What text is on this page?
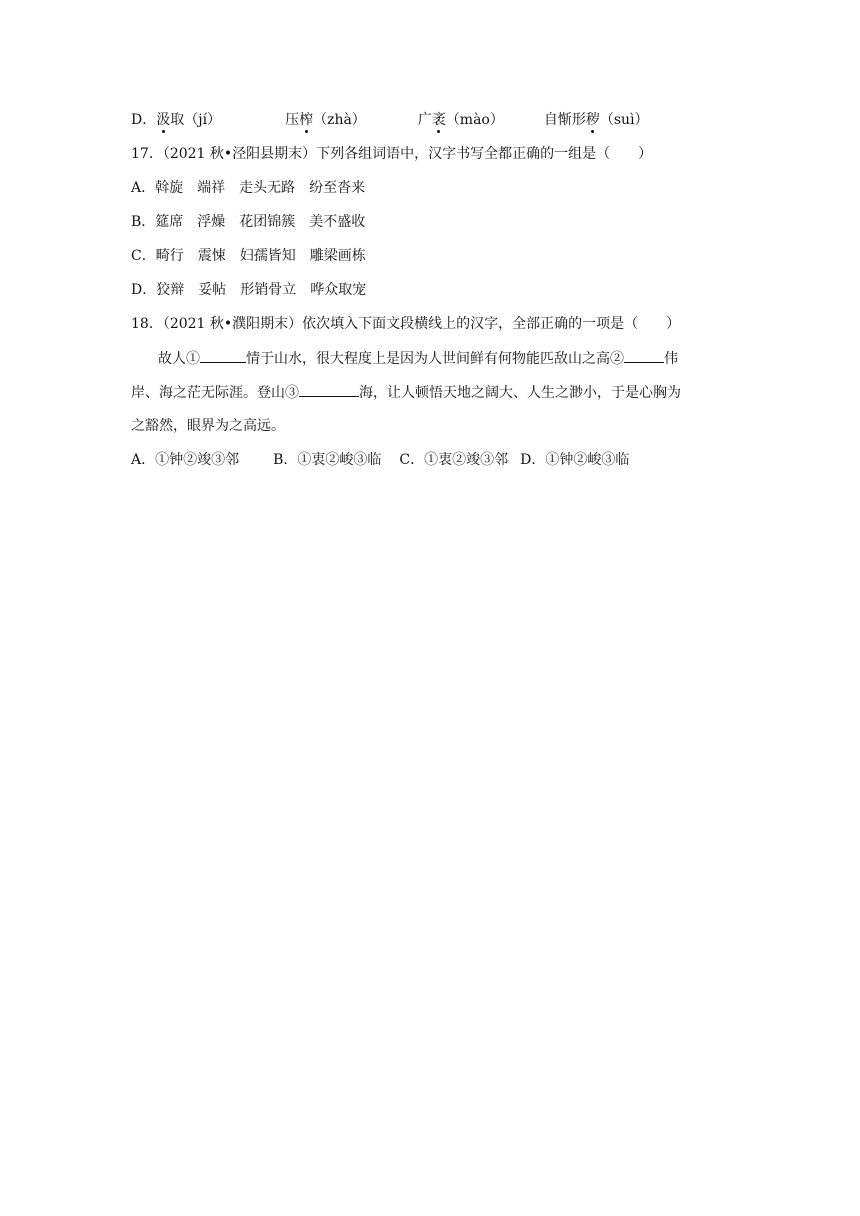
D．汲取（jí）	压榨（zhà）	广袤（mào）	自惭形秽（suì）
17．（2021 秋•泾阳县期末）下列各组词语中，汉字书写全都正确的一组是（　　）
A．斡旋 端祥 走头无路 纷至沓来
B．筵席 浮燥 花团锦簇 美不盛收
C．畸行 震悚 妇孺皆知 雕梁画栋
D．狡辩 妥帖 形销骨立 哗众取宠
18．（2021 秋•濮阳期末）依次填入下面文段横线上的汉字，全部正确的一项是（　　）
故人①	情于山水，很大程度上是因为人世间鲜有何物能匹敌山之高②	伟
岸、海之茫无际涯。登山③	海，让人顿悟天地之阔大、人生之渺小，于是心胸为
之豁然，眼界为之高远。
A．①钟②竣③邻 B．①衷②峻③临 C．①衷②竣③邻 D．①钟②峻③临
